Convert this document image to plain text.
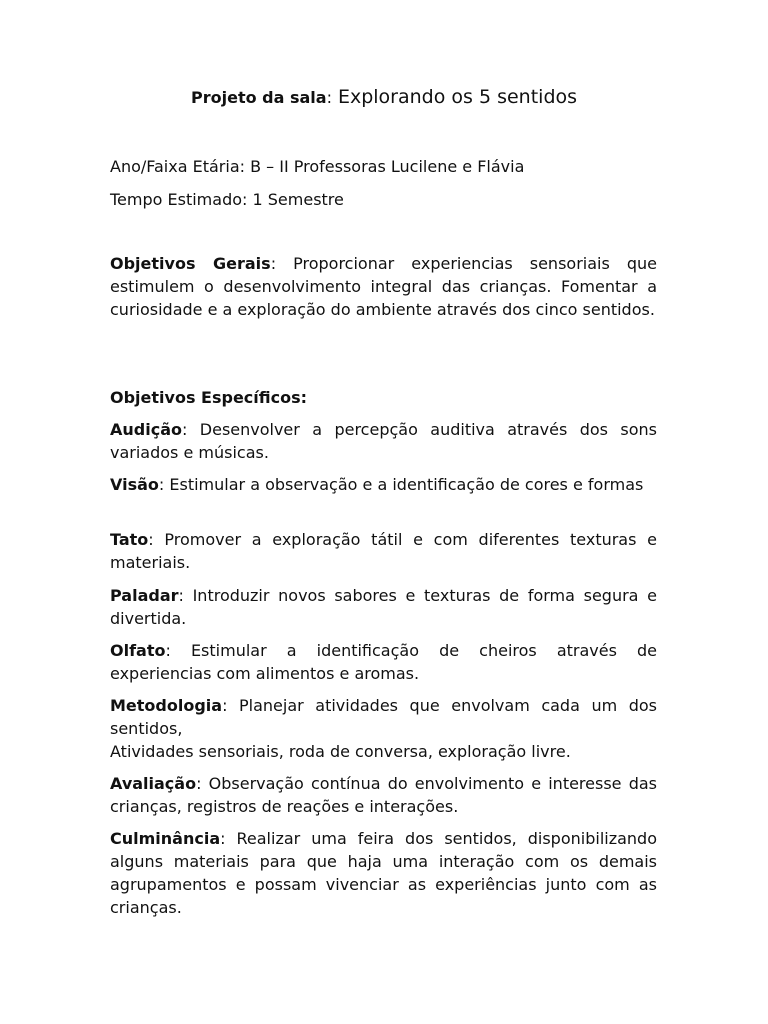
Projeto da sala: Explorando os 5 sentidos
Ano/Faixa Etária: B – II Professoras Lucilene e Flávia
Tempo Estimado: 1 Semestre
Objetivos Gerais: Proporcionar experiencias sensoriais que estimulem o desenvolvimento integral das crianças. Fomentar a curiosidade e a exploração do ambiente através dos cinco sentidos.
Objetivos Específicos:
Audição: Desenvolver a percepção auditiva através dos sons variados e músicas.
Visão: Estimular a observação e a identificação de cores e formas
Tato: Promover a exploração tátil e com diferentes texturas e materiais.
Paladar: Introduzir novos sabores e texturas de forma segura e divertida.
Olfato: Estimular a identificação de cheiros através de experiencias com alimentos e aromas.
Metodologia: Planejar atividades que envolvam cada um dos sentidos,
Atividades sensoriais, roda de conversa, exploração livre.
Avaliação: Observação contínua do envolvimento e interesse das crianças, registros de reações e interações.
Culminância: Realizar uma feira dos sentidos, disponibilizando alguns materiais para que haja uma interação com os demais agrupamentos e possam vivenciar as experiências junto com as crianças.
